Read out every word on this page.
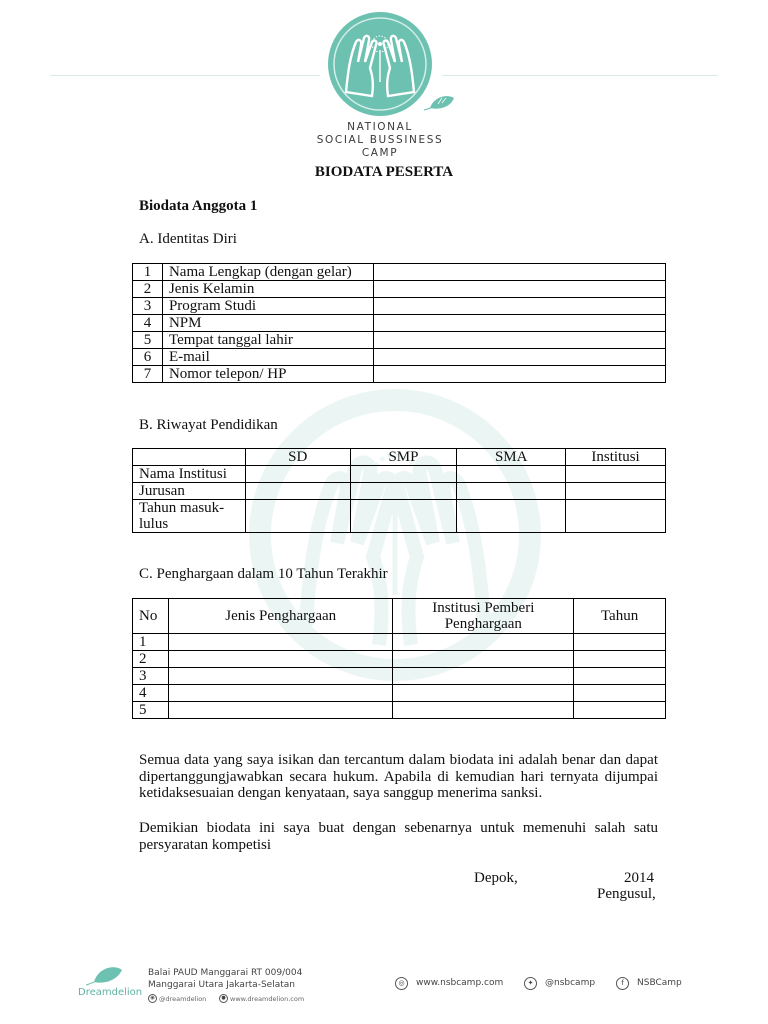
NATIONAL
SOCIAL BUSSINESS
CAMP
BIODATA PESERTA
Biodata Anggota 1
A. Identitas Diri
1	Nama Lengkap (dengan gelar)	
2	Jenis Kelamin	
3	Program Studi	
4	NPM	
5	Tempat tanggal lahir	
6	E-mail	
7	Nomor telepon/ HP	
B. Riwayat Pendidikan
	SD	SMP	SMA	Institusi
Nama Institusi				
Jurusan				
Tahun masuk-
lulus				
C. Penghargaan dalam 10 Tahun Terakhir
No	Jenis Penghargaan	Institusi Pemberi
Penghargaan	Tahun
1			
2			
3			
4			
5			
Semua data yang saya isikan dan tercantum dalam biodata ini adalah benar dan dapat dipertanggungjawabkan secara hukum. Apabila di kemudian hari ternyata dijumpai ketidaksesuaian dengan kenyataan, saya sanggup menerima sanksi.
Demikian biodata ini saya buat dengan sebenarnya untuk memenuhi salah satu persyaratan kompetisi
Depok,	2014
Pengusul,
Dreamdelion
Balai PAUD Manggarai RT 009/004
Manggarai Utara Jakarta-Selatan
◉ @dreamdelion	● www.dreamdelion.com
◎	www.nsbcamp.com	✦	@nsbcamp	f	NSBCamp
